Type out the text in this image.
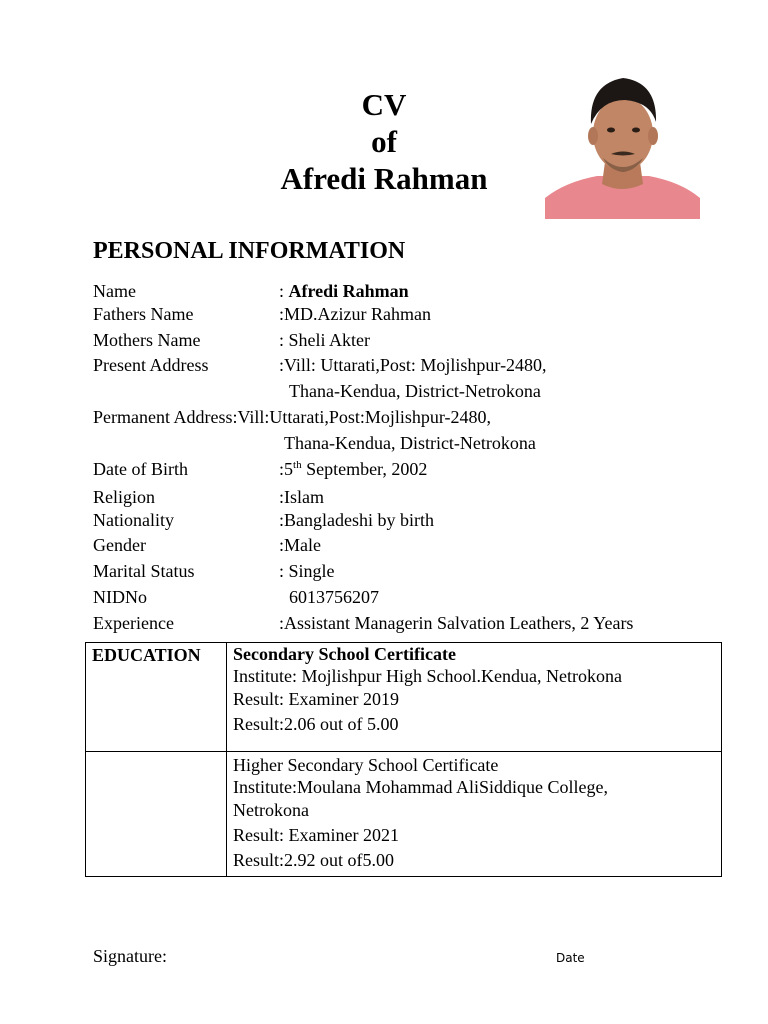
CV
of
Afredi Rahman
PERSONAL INFORMATION
Name	: Afredi Rahman
Fathers Name	:MD.Azizur Rahman
Mothers Name	: Sheli Akter
Present Address	:Vill: Uttarati,Post: Mojlishpur-2480,
Thana-Kendua, District-Netrokona
Permanent Address:Vill:Uttarati,Post:Mojlishpur-2480,
Thana-Kendua, District-Netrokona
Date of Birth	:5th September, 2002
Religion	:Islam
Nationality	:Bangladeshi by birth
Gender	:Male
Marital Status	: Single
NIDNo	6013756207
Experience	:Assistant Managerin Salvation Leathers, 2 Years
EDUCATION	Secondary School Certificate
Institute: Mojlishpur High School.Kendua, Netrokona
Result: Examiner 2019
Result:2.06 out of 5.00

	Higher Secondary School Certificate
Institute:Moulana Mohammad AliSiddique College,
Netrokona
Result: Examiner 2021
Result:2.92 out of5.00
Signature:	Date
